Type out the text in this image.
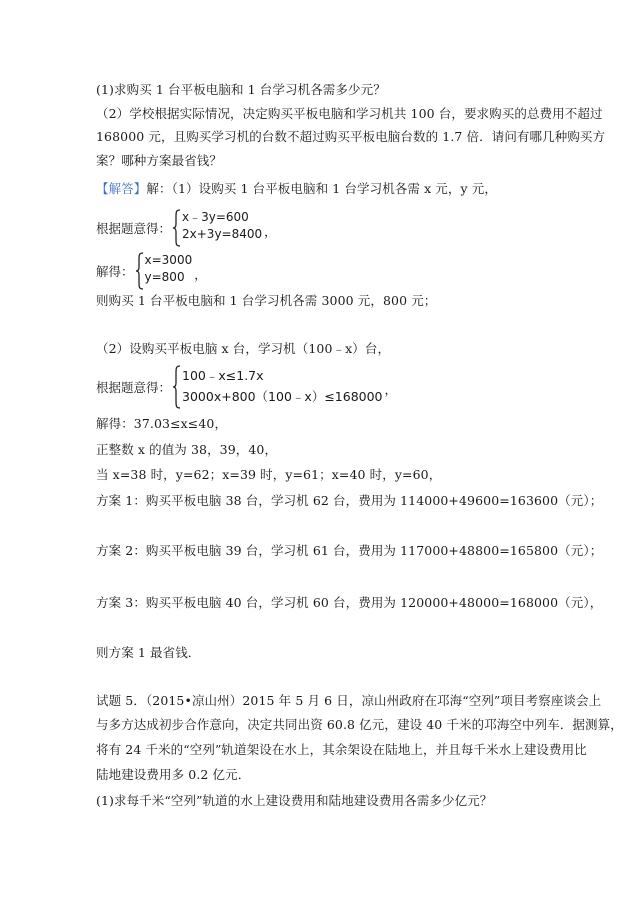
(1)求购买 1 台平板电脑和 1 台学习机各需多少元？
（2）学校根据实际情况，决定购买平板电脑和学习机共 100 台，要求购买的总费用不超过
168000 元，且购买学习机的台数不超过购买平板电脑台数的 1.7 倍．请问有哪几种购买方
案？哪种方案最省钱？
【解答】解：（1）设购买 1 台平板电脑和 1 台学习机各需 x 元，y 元，
根据题意得：
x﹣3y=600
2x+3y=8400 ，
解得：
x=3000
y=800 ，
则购买 1 台平板电脑和 1 台学习机各需 3000 元，800 元；
（2）设购买平板电脑 x 台，学习机（100﹣x）台，
根据题意得：
100﹣x≤1.7x
3000x+800（100﹣x）≤168000 ，
解得：37.03≤x≤40，
正整数 x 的值为 38，39，40，
当 x=38 时，y=62；x=39 时，y=61；x=40 时，y=60，
方案 1：购买平板电脑 38 台，学习机 62 台，费用为 114000+49600=163600（元）；
方案 2：购买平板电脑 39 台，学习机 61 台，费用为 117000+48800=165800（元）；
方案 3：购买平板电脑 40 台，学习机 60 台，费用为 120000+48000=168000（元），
则方案 1 最省钱．
试题 5．（2015•凉山州）2015 年 5 月 6 日，凉山州政府在邛海“空列”项目考察座谈会上
与多方达成初步合作意向，决定共同出资 60.8 亿元，建设 40 千米的邛海空中列车．据测算，
将有 24 千米的“空列”轨道架设在水上，其余架设在陆地上，并且每千米水上建设费用比
陆地建设费用多 0.2 亿元．
(1)求每千米“空列”轨道的水上建设费用和陆地建设费用各需多少亿元？
